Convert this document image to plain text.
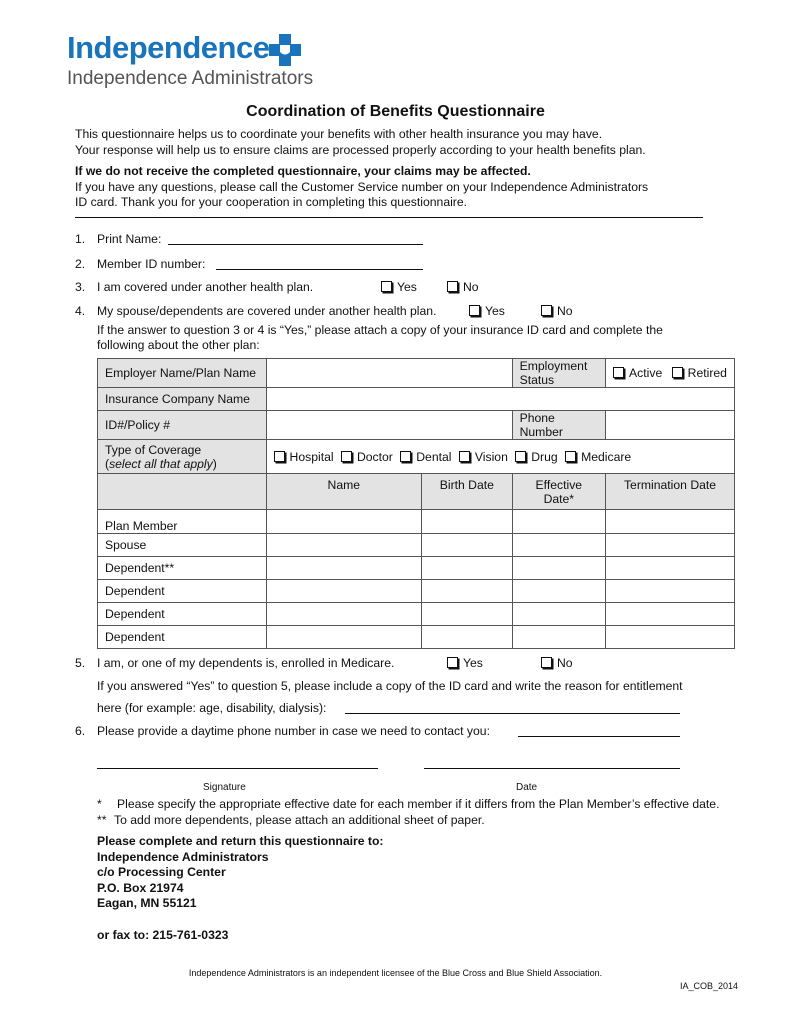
Independence
Independence Administrators
Coordination of Benefits Questionnaire
This questionnaire helps us to coordinate your benefits with other health insurance you may have.
Your response will help us to ensure claims are processed properly according to your health benefits plan.
If we do not receive the completed questionnaire, your claims may be affected.
If you have any questions, please call the Customer Service number on your Independence Administrators
ID card. Thank you for your cooperation in completing this questionnaire.
1. Print Name:
2. Member ID number:
3. I am covered under another health plan.	Yes	No
4. My spouse/dependents are covered under another health plan.	Yes	No
If the answer to question 3 or 4 is “Yes,” please attach a copy of your insurance ID card and complete the
following about the other plan:
Employer Name/Plan Name			Employment Status	Active Retired
Insurance Company Name				
ID#/Policy #			Phone Number	

Type of Coverage
(select all that apply)	Hospital Doctor Dental Vision Drug Medicare			
	Name	Birth Date	Effective Date*	Termination Date
Plan Member				
Spouse				
Dependent**				
Dependent				
Dependent				
Dependent				
5. I am, or one of my dependents is, enrolled in Medicare.	Yes	No
If you answered “Yes” to question 5, please include a copy of the ID card and write the reason for entitlement
here (for example: age, disability, dialysis):
6. Please provide a daytime phone number in case we need to contact you:
Signature	Date
* Please specify the appropriate effective date for each member if it differs from the Plan Member’s effective date.
** To add more dependents, please attach an additional sheet of paper.
Please complete and return this questionnaire to:
Independence Administrators
c/o Processing Center
P.O. Box 21974
Eagan, MN 55121
or fax to: 215-761-0323
Independence Administrators is an independent licensee of the Blue Cross and Blue Shield Association.
IA_COB_2014
